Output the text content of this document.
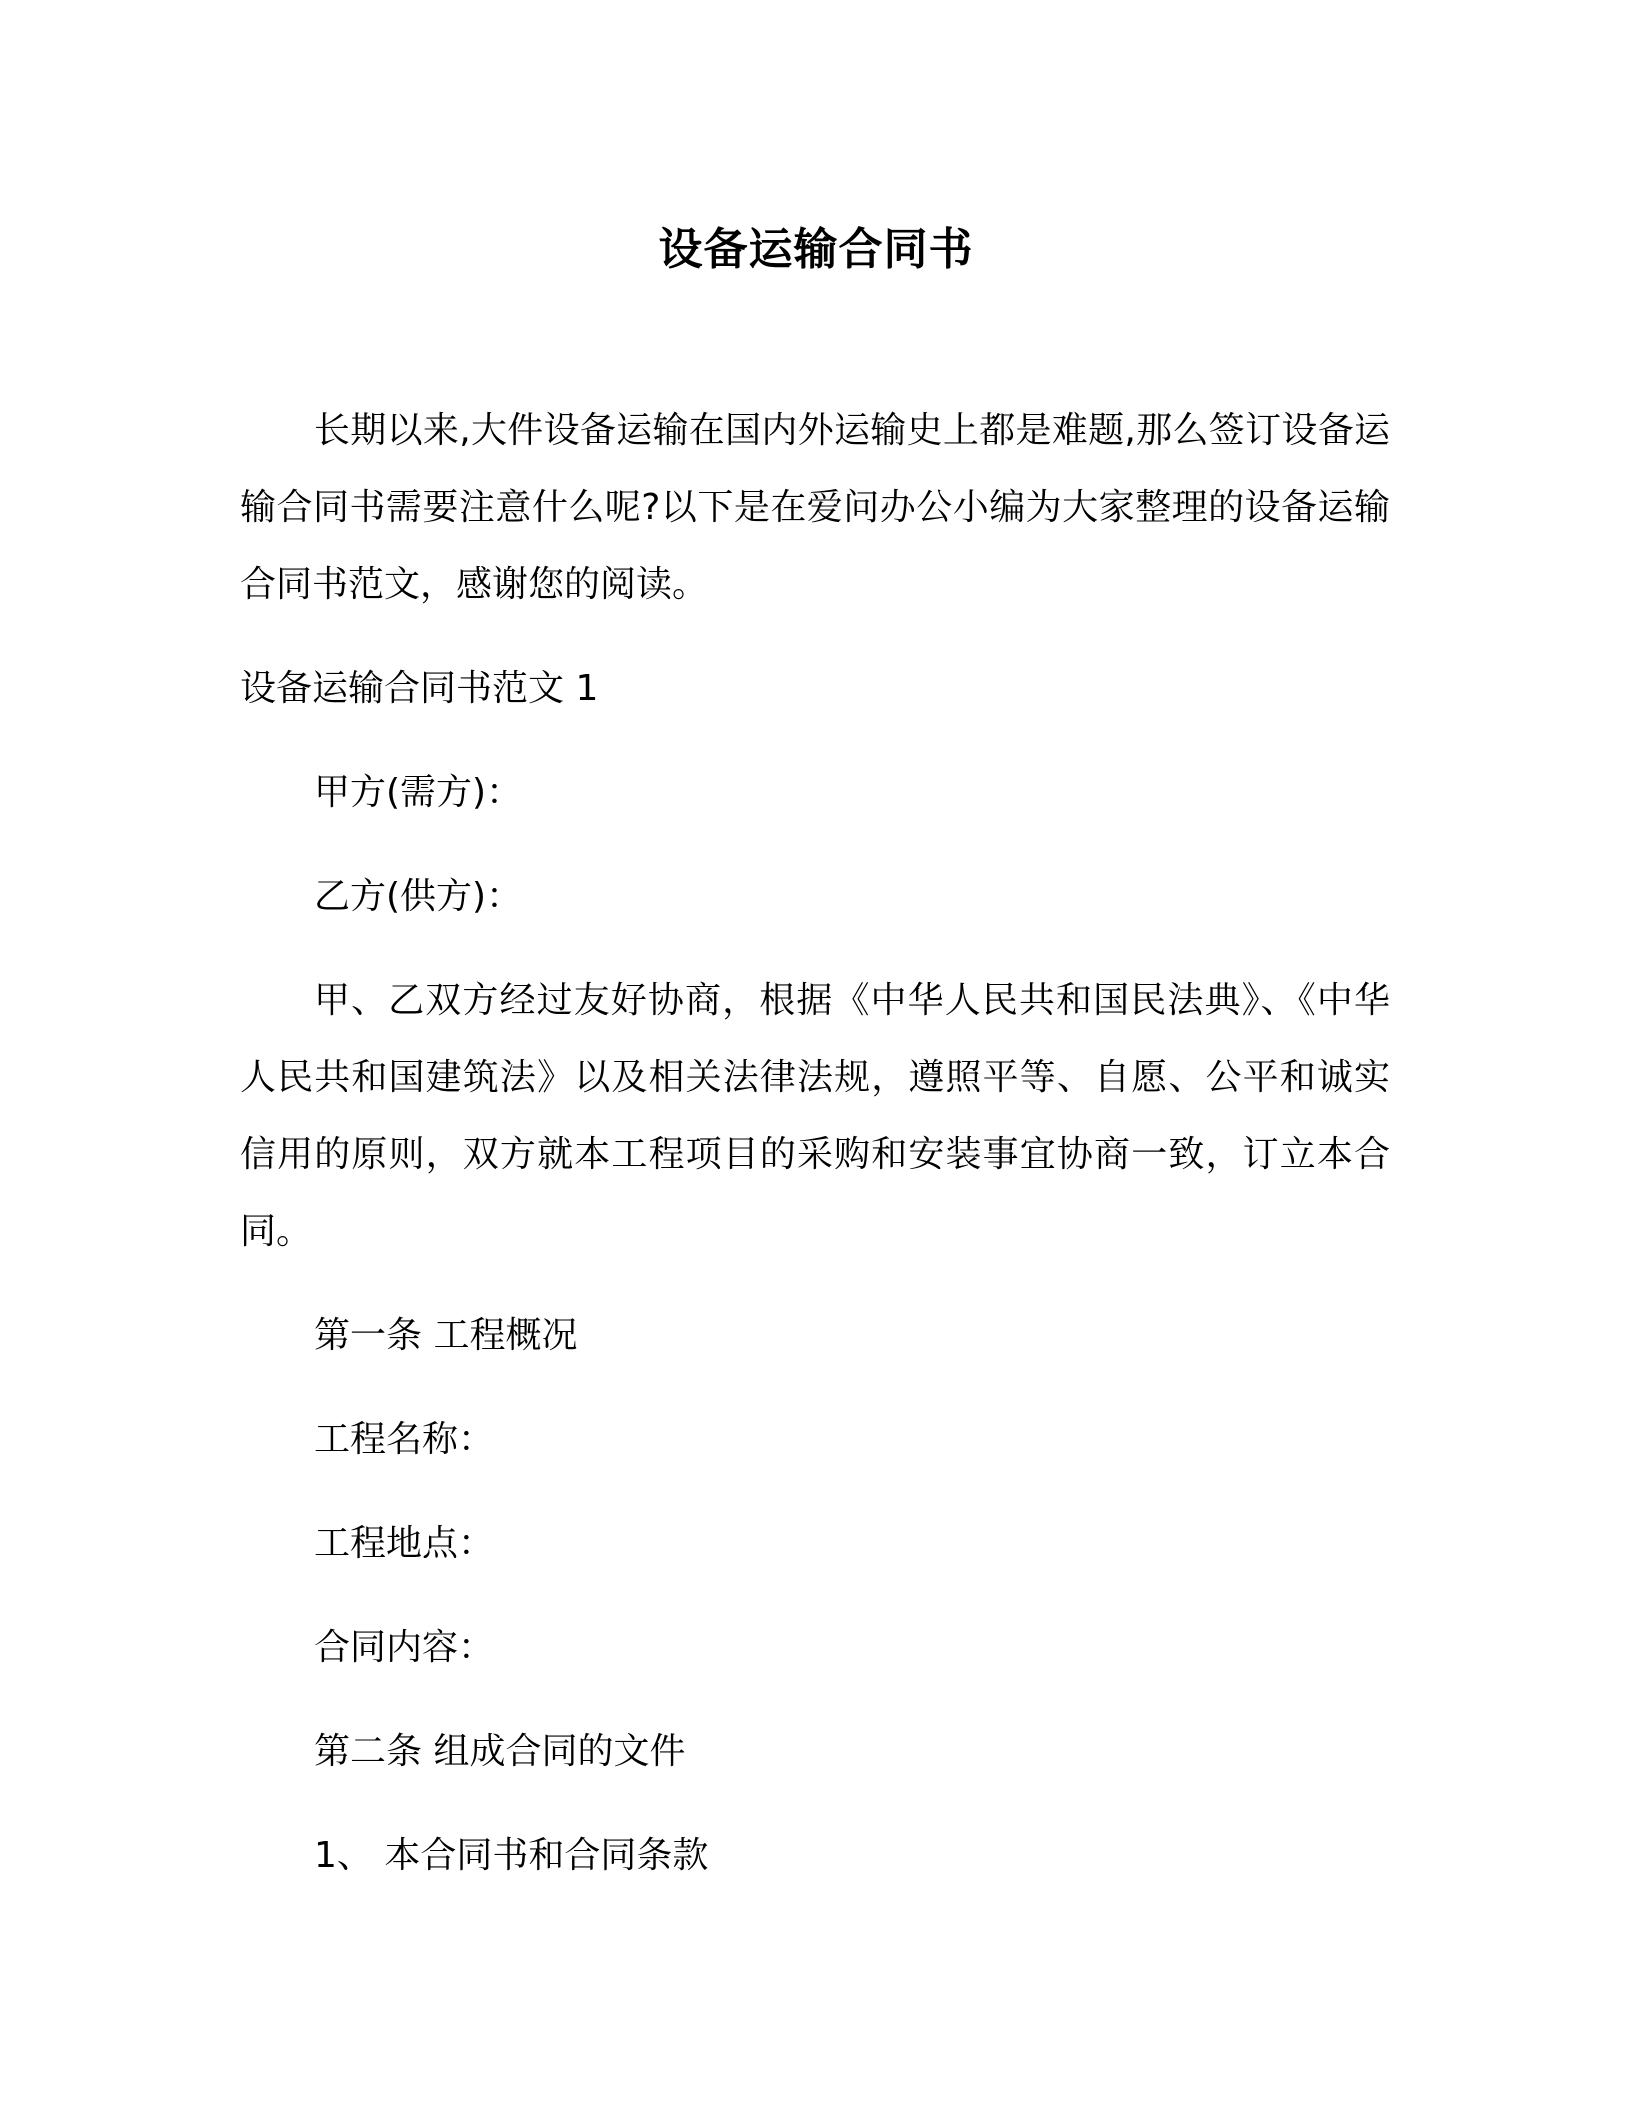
设备运输合同书

长期以来,大件设备运输在国内外运输史上都是难题,那么签订设备运输合同书需要注意什么呢?以下是在爱问办公小编为大家整理的设备运输合同书范文，感谢您的阅读。

设备运输合同书范文 1

甲方(需方)：

乙方(供方)：

甲、乙双方经过友好协商，根据《中华人民共和国民法典》、《中华人民共和国建筑法》以及相关法律法规，遵照平等、自愿、公平和诚实信用的原则，双方就本工程项目的采购和安装事宜协商一致，订立本合同。

第一条 工程概况

工程名称：

工程地点：

合同内容：

第二条 组成合同的文件

1、 本合同书和合同条款
